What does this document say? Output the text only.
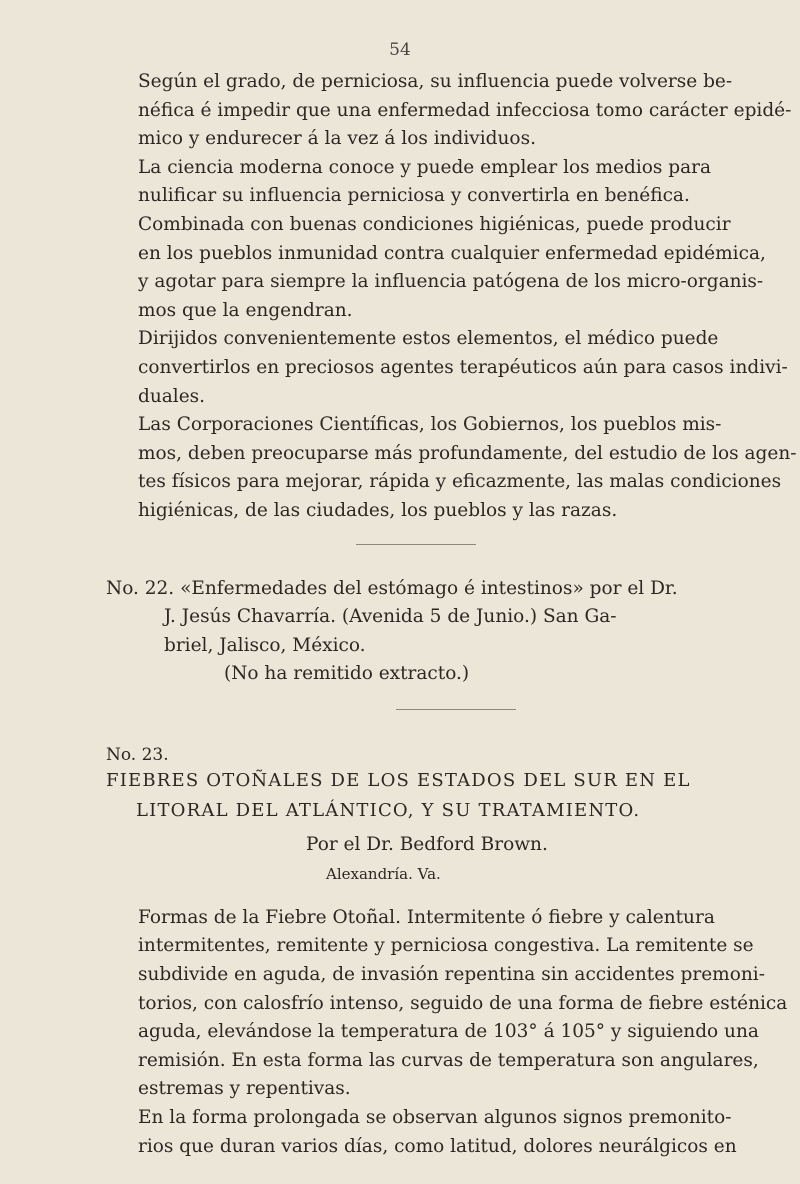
54

Según el grado, de perniciosa, su influencia puede volverse be-
néfica é impedir que una enfermedad infecciosa tomo carácter epidé-
mico y endurecer á la vez á los individuos.

La ciencia moderna conoce y puede emplear los medios para
nulificar su influencia perniciosa y convertirla en benéfica.

Combinada con buenas condiciones higiénicas, puede producir
en los pueblos inmunidad contra cualquier enfermedad epidémica,
y agotar para siempre la influencia patógena de los micro-organis-
mos que la engendran.

Dirijidos convenientemente estos elementos, el médico puede
convertirlos en preciosos agentes terapéuticos aún para casos indivi-
duales.

Las Corporaciones Científicas, los Gobiernos, los pueblos mis-
mos, deben preocuparse más profundamente, del estudio de los agen-
tes físicos para mejorar, rápida y eficazmente, las malas condiciones
higiénicas, de las ciudades, los pueblos y las razas.

No. 22. «Enfermedades del estómago é intestinos» por el Dr.
J. Jesús Chavarría. (Avenida 5 de Junio.) San Ga-
briel, Jalisco, México.
(No ha remitido extracto.)
No. 23.
FIEBRES OTOÑALES DE LOS ESTADOS DEL SUR EN EL
LITORAL DEL ATLÁNTICO, Y SU TRATAMIENTO.
Por el Dr. Bedford Brown.
Alexandría. Va.

Formas de la Fiebre Otoñal. Intermitente ó fiebre y calentura
intermitentes, remitente y perniciosa congestiva. La remitente se
subdivide en aguda, de invasión repentina sin accidentes premoni-
torios, con calosfrío intenso, seguido de una forma de fiebre esténica
aguda, elevándose la temperatura de 103° á 105° y siguiendo una
remisión. En esta forma las curvas de temperatura son angulares,
estremas y repentivas.

En la forma prolongada se observan algunos signos premonito-
rios que duran varios días, como latitud, dolores neurálgicos en
